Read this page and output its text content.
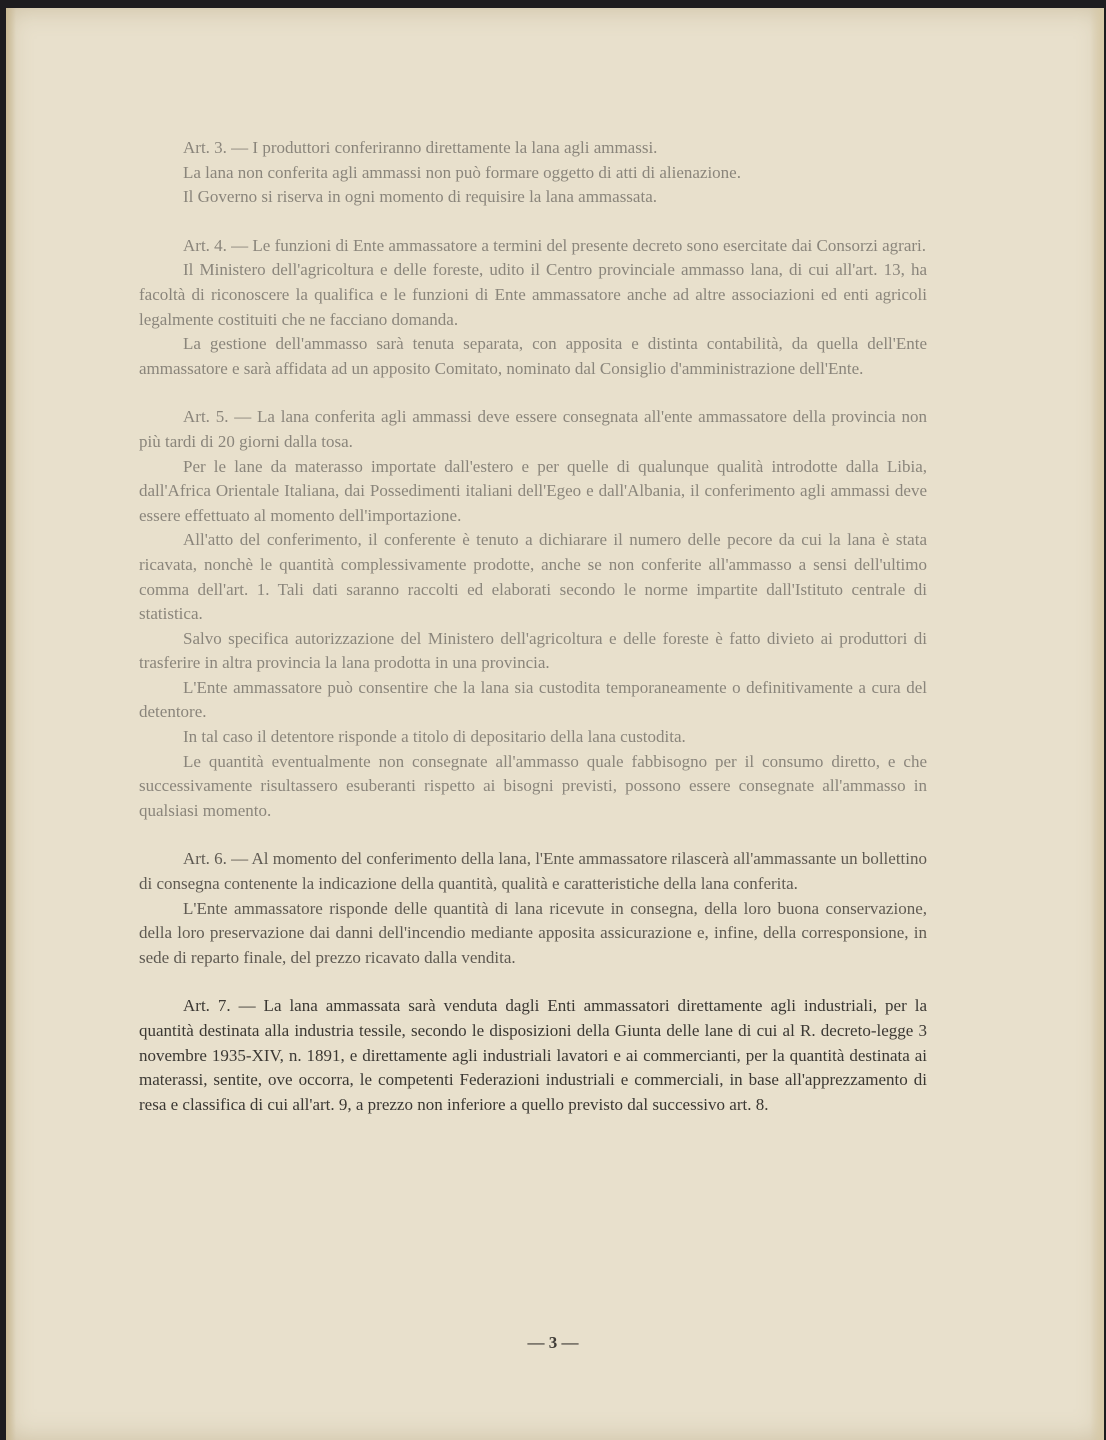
Art. 3. — I produttori conferiranno direttamente la lana agli ammassi.

La lana non conferita agli ammassi non può formare oggetto di atti di alienazione.

Il Governo si riserva in ogni momento di requisire la lana ammassata.

Art. 4. — Le funzioni di Ente ammassatore a termini del presente decreto sono esercitate dai Consorzi agrari.

Il Ministero dell'agricoltura e delle foreste, udito il Centro provinciale ammasso lana, di cui all'art. 13, ha facoltà di riconoscere la qualifica e le funzioni di Ente ammassatore anche ad altre associazioni ed enti agricoli legalmente costituiti che ne facciano domanda.

La gestione dell'ammasso sarà tenuta separata, con apposita e distinta contabilità, da quella dell'Ente ammassatore e sarà affidata ad un apposito Comitato, nominato dal Consiglio d'amministrazione dell'Ente.

Art. 5. — La lana conferita agli ammassi deve essere consegnata all'ente ammassatore della provincia non più tardi di 20 giorni dalla tosa.

Per le lane da materasso importate dall'estero e per quelle di qualunque qualità introdotte dalla Libia, dall'Africa Orientale Italiana, dai Possedimenti italiani dell'Egeo e dall'Albania, il conferimento agli ammassi deve essere effettuato al momento dell'importazione.

All'atto del conferimento, il conferente è tenuto a dichiarare il numero delle pecore da cui la lana è stata ricavata, nonchè le quantità complessivamente prodotte, anche se non conferite all'ammasso a sensi dell'ultimo comma dell'art. 1. Tali dati saranno raccolti ed elaborati secondo le norme impartite dall'Istituto centrale di statistica.

Salvo specifica autorizzazione del Ministero dell'agricoltura e delle foreste è fatto divieto ai produttori di trasferire in altra provincia la lana prodotta in una provincia.

L'Ente ammassatore può consentire che la lana sia custodita temporaneamente o definitivamente a cura del detentore.

In tal caso il detentore risponde a titolo di depositario della lana custodita.

Le quantità eventualmente non consegnate all'ammasso quale fabbisogno per il consumo diretto, e che successivamente risultassero esuberanti rispetto ai bisogni previsti, possono essere consegnate all'ammasso in qualsiasi momento.

Art. 6. — Al momento del conferimento della lana, l'Ente ammassatore rilascerà all'ammassante un bollettino di consegna contenente la indicazione della quantità, qualità e caratteristiche della lana conferita.

L'Ente ammassatore risponde delle quantità di lana ricevute in consegna, della loro buona conservazione, della loro preservazione dai danni dell'incendio mediante apposita assicurazione e, infine, della corresponsione, in sede di reparto finale, del prezzo ricavato dalla vendita.

Art. 7. — La lana ammassata sarà venduta dagli Enti ammassatori direttamente agli industriali, per la quantità destinata alla industria tessile, secondo le disposizioni della Giunta delle lane di cui al R. decreto-legge 3 novembre 1935-XIV, n. 1891, e direttamente agli industriali lavatori e ai commercianti, per la quantità destinata ai materassi, sentite, ove occorra, le competenti Federazioni industriali e commerciali, in base all'apprezzamento di resa e classifica di cui all'art. 9, a prezzo non inferiore a quello previsto dal successivo art. 8.

— 3 —
